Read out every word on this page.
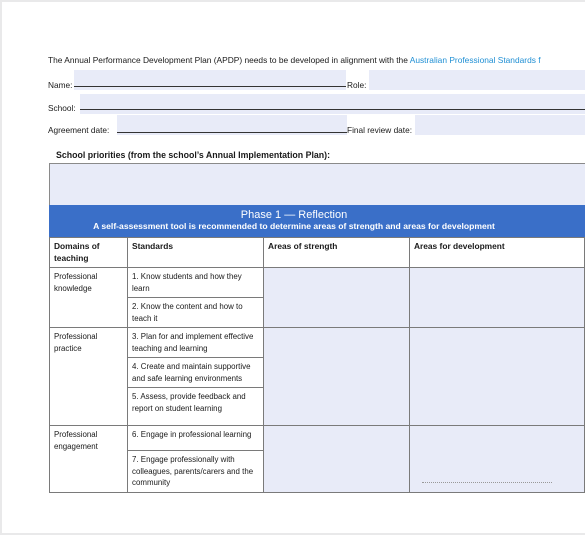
The Annual Performance Development Plan (APDP) needs to be developed in alignment with the Australian Professional Standards f
Name:	Role:
School:
Agreement date:	Final review date:
School priorities (from the school’s Annual Implementation Plan):
Phase 1 — Reflection
A self-assessment tool is recommended to determine areas of strength and areas for development
Domains of teaching	Standards	Areas of strength	Areas for development
Professional knowledge	1. Know students and how they learn		
	2. Know the content and how to teach it		
Professional practice	3. Plan for and implement effective teaching and learning		
	4. Create and maintain supportive and safe learning environments		
	5. Assess, provide feedback and report on student learning		
Professional engagement	6. Engage in professional learning		
	7. Engage professionally with colleagues, parents/carers and the community		
